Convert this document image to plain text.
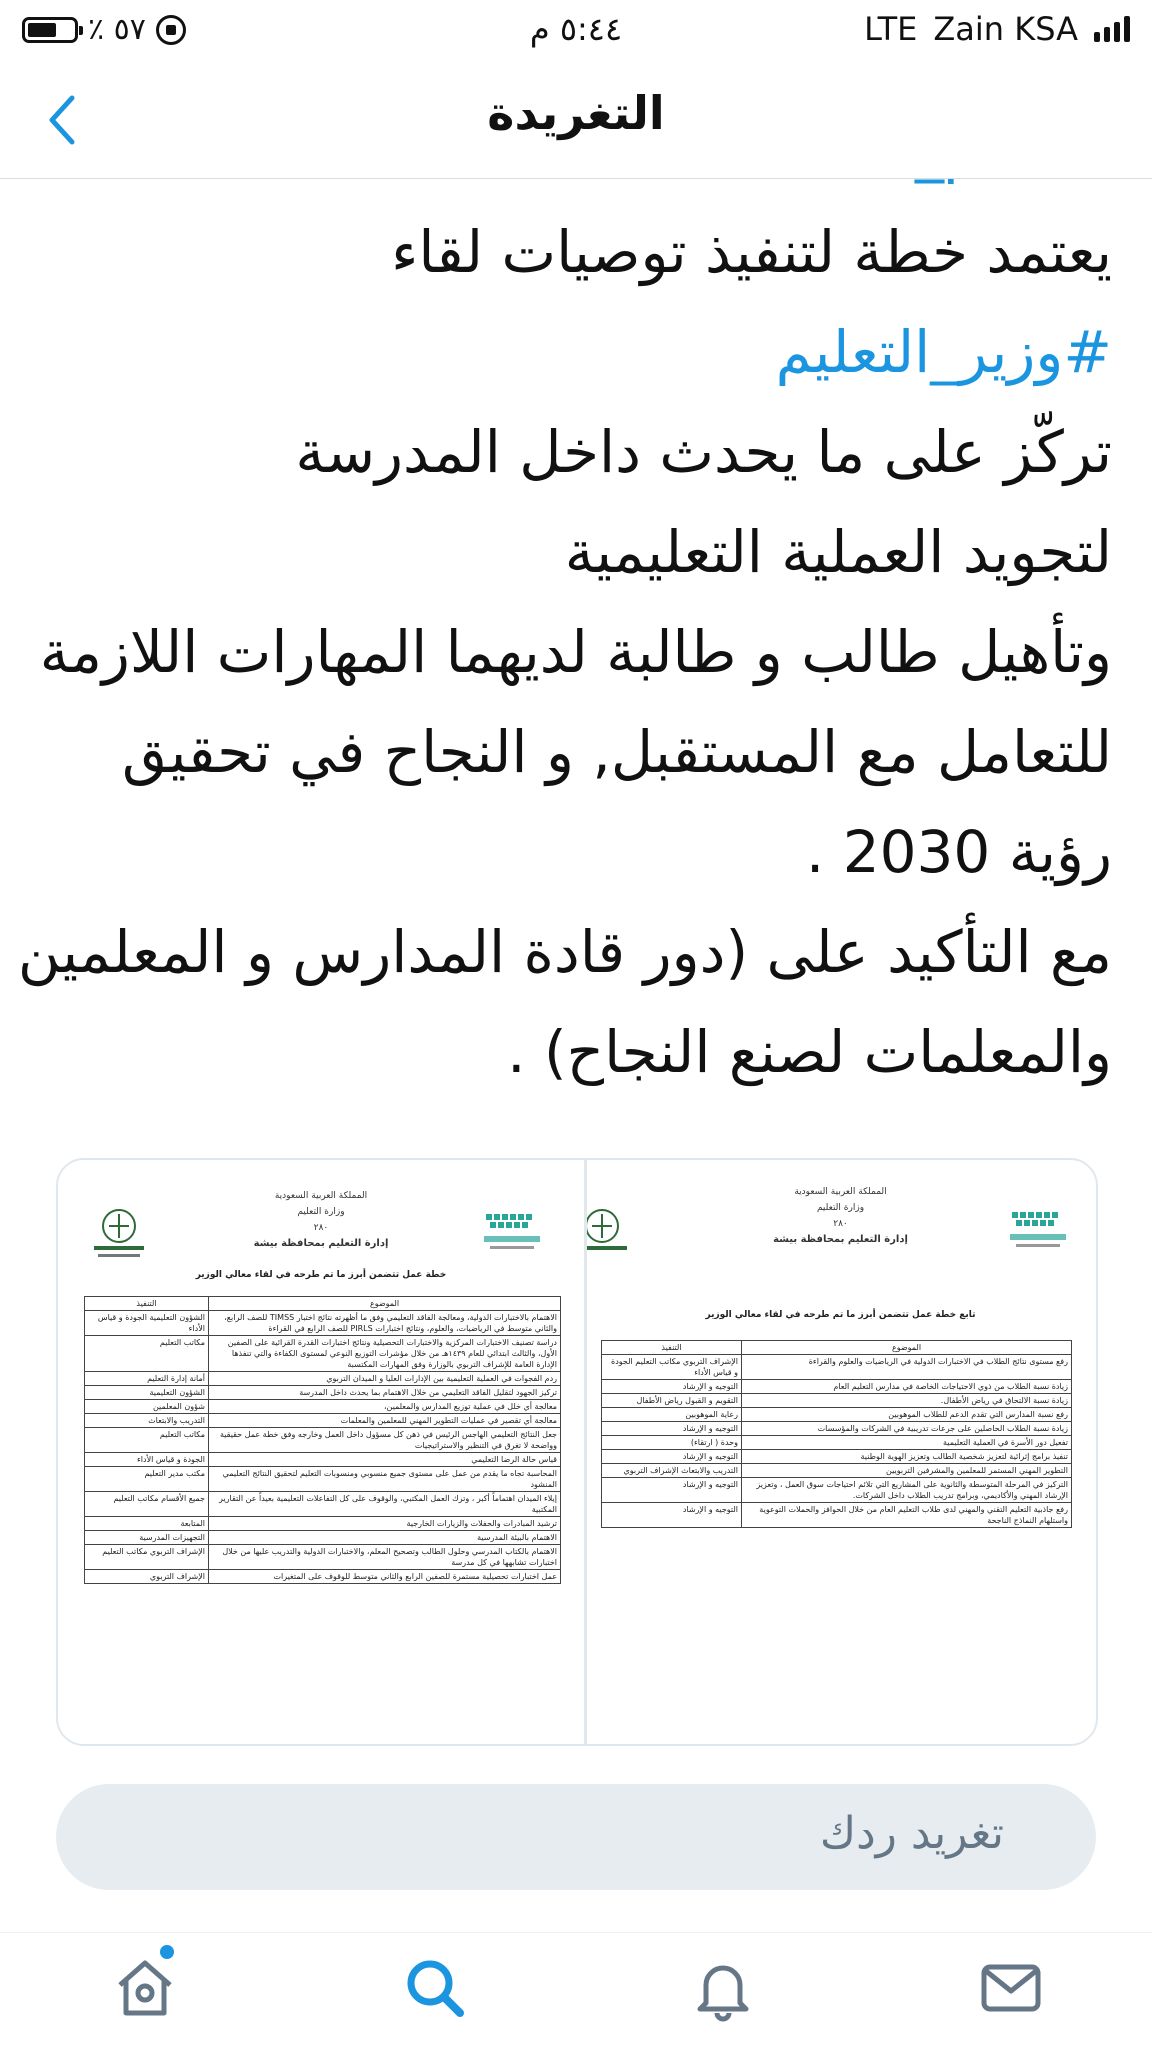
٪ ٥٧	٥:٤٤ م	LTE Zain KSA

يعتمد خطة لتنفيذ توصيات لقاء

#وزير_التعليم

تركّز على ما يحدث داخل المدرسة

لتجويد العملية التعليمية

وتأهيل طالب و طالبة لديهما المهارات اللازمة

للتعامل مع المستقبل, و النجاح في تحقيق

رؤية 2030 .

مع التأكيد على (دور قادة المدارس و المعلمين

والمعلمات لصنع النجاح) .

التغريدة
المملكة العربية السعودية
وزارة التعليم
٢٨٠
إدارة التعليم بمحافظة بيشة
تابع خطة عمل تتضمن أبرز ما تم طرحه في لقاء معالي الوزير
الموضوع	التنفيذ
رفع مستوى نتائج الطلاب في الاختبارات الدولية في الرياضيات والعلوم والقراءة	الإشراف التربوي مكاتب التعليم الجودة و قياس الأداء
زيادة نسبة الطلاب من ذوي الاحتياجات الخاصة في مدارس التعليم العام	التوجيه و الإرشاد
زيادة نسبة الالتحاق في رياض الأطفال.	التقويم و القبول رياض الأطفال
رفع نسبة المدارس التي تقدم الدعم للطلاب الموهوبين	رعاية الموهوبين
زيادة نسبة الطلاب الحاصلين على جرعات تدريبية في الشركات والمؤسسات	التوجيه و الإرشاد
تفعيل دور الأسرة في العملية التعليمية	وحدة ( ارتقاء)
تنفيذ برامج إثرائية لتعزيز شخصية الطالب وتعزيز الهوية الوطنية	التوجيه و الإرشاد
التطوير المهني المستمر للمعلمين والمشرفين التربويين	التدريب والابتعاث الإشراف التربوي
التركيز في المرحلة المتوسطة والثانوية على المشاريع التي تلائم احتياجات سوق العمل ، وتعزيز الإرشاد المهني والأكاديمي، وبرامج تدريب الطلاب داخل الشركات.	التوجيه و الإرشاد
رفع جاذبية التعليم التقني والمهني لدى طلاب التعليم العام من خلال الحوافز والحملات التوعوية واستلهام النماذج الناجحة	التوجيه و الإرشاد
المملكة العربية السعودية
وزارة التعليم
٢٨٠
إدارة التعليم بمحافظة بيشة
خطة عمل تتضمن أبرز ما تم طرحه في لقاء معالي الوزير
الموضوع	التنفيذ
الاهتمام بالاختبارات الدولية، ومعالجة الفاقد التعليمي وفق ما أظهرته نتائج اختبار TIMSS للصف الرابع، والثاني متوسط في الرياضيات، والعلوم، ونتائج اختبارات PIRLS للصف الرابع في القراءة	الشؤون التعليمية الجودة و قياس الأداء
دراسة تصنيف الاختبارات المركزية والاختبارات التحصيلية ونتائج اختبارات القدرة القرائية على الصفين الأول، والثالث ابتدائي للعام ١٤٣٩هـ من خلال مؤشرات التوزيع النوعي لمستوى الكفاءة والتي تنفذها الإدارة العامة للإشراف التربوي بالوزارة وفق المهارات المكتسبة	مكاتب التعليم
ردم الفجوات في العملية التعليمية بين الإدارات العليا و الميدان التربوي	أمانة إدارة التعليم
تركيز الجهود لتقليل الفاقد التعليمي من خلال الاهتمام بما يحدث داخل المدرسة	الشؤون التعليمية
معالجة أي خلل في عملية توزيع المدارس والمعلمين،	شؤون المعلمين
معالجة أي تقصير في عمليات التطوير المهني للمعلمين والمعلمات	التدريب والابتعاث
جعل النتائج التعليمي الهاجس الرئيس في ذهن كل مسؤول داخل العمل وخارجه وفق خطة عمل حقيقية وواضحة لا تغرق في التنظير والاستراتيجيات	مكاتب التعليم
قياس حالة الرضا التعليمي	الجودة و قياس الأداء
المحاسبة تجاه ما يقدم من عمل على مستوى جميع منسوبي ومنسوبات التعليم لتحقيق النتائج التعليمي المنشود	مكتب مدير التعليم
إيلاء الميدان اهتماماً أكبر ، وترك العمل المكتبي، والوقوف على كل التفاعلات التعليمية بعيداً عن التقارير المكتبية	جميع الأقسام مكاتب التعليم
ترشيد المبادرات والحفلات والزيارات الخارجية	المتابعة
الاهتمام بالبيئة المدرسية	التجهيزات المدرسية
الاهتمام بالكتاب المدرسي وحلول الطالب وتصحيح المعلم، والاختبارات الدولية والتدريب عليها من خلال اختبارات تشابهها في كل مدرسة	الإشراف التربوي مكاتب التعليم
عمل اختبارات تحصيلية مستمرة للصفين الرابع والثاني متوسط للوقوف على المتغيرات	الإشراف التربوي
تغريد ردك
